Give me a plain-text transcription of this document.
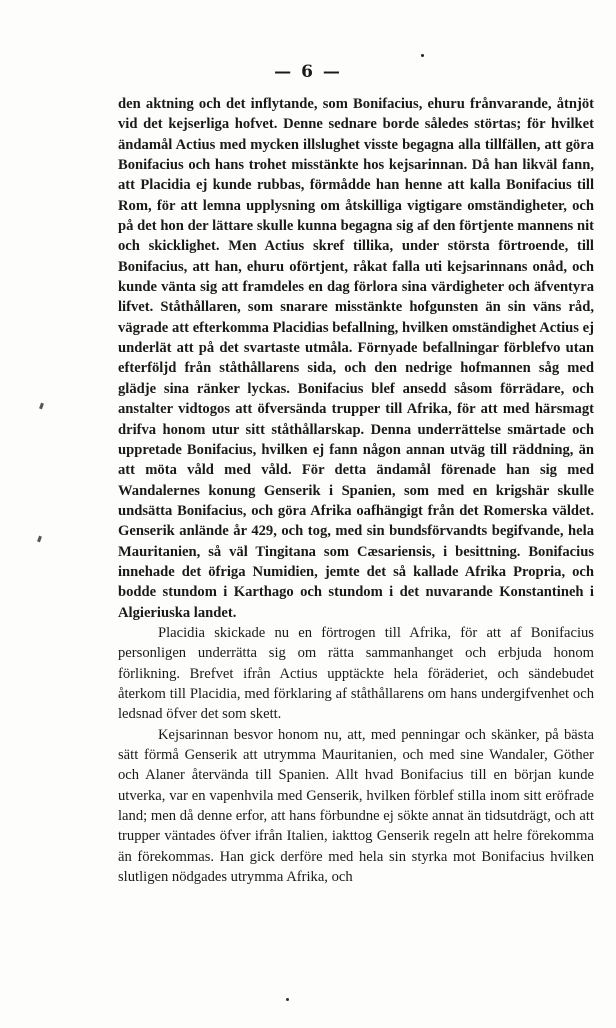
— 6 —

den aktning och det inflytande, som Bonifacius, ehuru frånvarande, åtnjöt vid det kejserliga hofvet. Denne sednare borde således störtas; för hvilket ändamål Actius med mycken illslughet visste begagna alla tillfällen, att göra Bonifacius och hans trohet misstänkte hos kejsarinnan. Då han likväl fann, att Placidia ej kunde rubbas, förmådde han henne att kalla Bonifacius till Rom, för att lemna upplysning om åtskilliga vigtigare omständigheter, och på det hon der lättare skulle kunna begagna sig af den förtjente mannens nit och skicklighet. Men Actius skref tillika, under största förtroende, till Bonifacius, att han, ehuru oförtjent, råkat falla uti kejsarinnans onåd, och kunde vänta sig att framdeles en dag förlora sina värdigheter och äfventyra lifvet. Ståthållaren, som snarare misstänkte hofgunsten än sin väns råd, vägrade att efterkomma Placidias befallning, hvilken omständighet Actius ej underlät att på det svartaste utmåla. Förnyade befallningar förblefvo utan efterföljd från ståthållarens sida, och den nedrige hofmannen såg med glädje sina ränker lyckas. Bonifacius blef ansedd såsom förrädare, och anstalter vidtogos att öfversända trupper till Afrika, för att med härsmagt drifva honom utur sitt ståthållarskap. Denna underrättelse smärtade och uppretade Bonifacius, hvilken ej fann någon annan utväg till räddning, än att möta våld med våld. För detta ändamål förenade han sig med Wandalernes konung Genserik i Spanien, som med en krigshär skulle undsätta Bonifacius, och göra Afrika oafhängigt från det Romerska väldet. Genserik anlände år 429, och tog, med sin bundsförvandts begifvande, hela Mauritanien, så väl Tingitana som Cæsariensis, i besittning. Bonifacius innehade det öfriga Numidien, jemte det så kallade Afrika Propria, och bodde stundom i Karthago och stundom i det nuvarande Konstantineh i Algieriuska landet.

Placidia skickade nu en förtrogen till Afrika, för att af Bonifacius personligen underrätta sig om rätta sammanhanget och erbjuda honom förlikning. Brefvet ifrån Actius upptäckte hela föräderiet, och sändebudet återkom till Placidia, med förklaring af ståthållarens om hans undergifvenhet och ledsnad öfver det som skett.

Kejsarinnan besvor honom nu, att, med penningar och skänker, på bästa sätt förmå Genserik att utrymma Mauritanien, och med sine Wandaler, Göther och Alaner återvända till Spanien. Allt hvad Bonifacius till en början kunde utverka, var en vapenhvila med Genserik, hvilken förblef stilla inom sitt eröfrade land; men då denne erfor, att hans förbundne ej sökte annat än tidsutdrägt, och att trupper väntades öfver ifrån Italien, iakttog Genserik regeln att helre förekomma än förekommas. Han gick derföre med hela sin styrka mot Bonifacius hvilken slutligen nödgades utrymma Afrika, och
